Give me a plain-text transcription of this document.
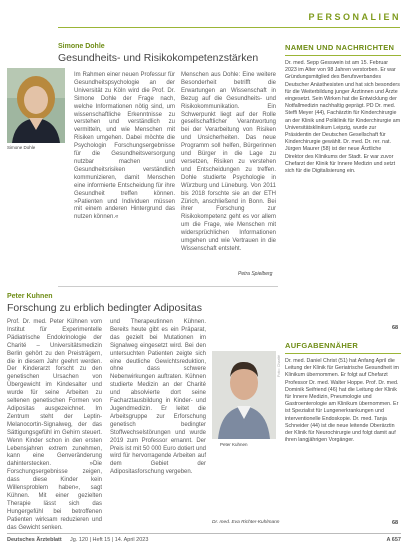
PERSONALIEN
Simone Dohle
Gesundheits- und Risikokompetenzstärken
Simone Dohle
Im Rahmen einer neuen Professur für Gesundheitspsychologie an der Universität zu Köln wird die Prof. Dr. Simone Dohle der Frage nach, welche Informationen nötig sind, um wissenschaftliche Erkenntnisse zu verstehen und verständlich zu vermitteln, und wie Menschen mit Risiken umgehen. Dabei möchte die Psychologin Forschungsergebnisse für die Gesundheitsversorgung nutzbar machen und Gesundheitsrisiken verständlich kommunizieren, damit Menschen eine informierte Entscheidung für ihre Gesundheit treffen können. »Patienten und Individuen müssen mit einem anderen Hintergrund das nutzen können.«
Menschen aus Dohle: Eine weitere Besonderheit betrifft die Erwartungen an Wissenschaft in Bezug auf die Gesundheits- und Risikokommunikation. Ein Schwerpunkt liegt auf der Rolle gesellschaftlicher Verantwortung bei der Verarbeitung von Risiken und Unsicherheiten. Das neue Programm soll helfen, Bürgerinnen und Bürger in die Lage zu versetzen, Risiken zu verstehen und Entscheidungen zu treffen. Dohle studierte Psychologie in Würzburg und Lüneburg. Von 2011 bis 2018 forschte sie an der ETH Zürich, anschließend in Bonn. Bei ihrer Forschung zur Risikokompetenz geht es vor allem um die Frage, wie Menschen mit widersprüchlichen Informationen umgehen und wie Vertrauen in die Wissenschaft entsteht.
Petra Spielberg
Peter Kuhnen
Forschung zu erblich bedingter Adipositas
Prof. Dr. med. Peter Kühnen vom Institut für Experimentelle Pädiatrische Endokrinologie der Charité – Universitätsmedizin Berlin gehört zu den Preisträgern, die in diesem Jahr geehrt werden. Der Kinderarzt forscht zu den genetischen Ursachen von Übergewicht im Kindesalter und wurde für seine Arbeiten zu seltenen genetischen Formen von Adipositas ausgezeichnet. Im Zentrum steht der Leptin-Melanocortin-Signalweg, der das Sättigungsgefühl im Gehirn steuert. Wenn Kinder schon in den ersten Lebensjahren extrem zunehmen, kann eine Genveränderung dahinterstecken. »Die Forschungsergebnisse zeigen, dass diese Kinder kein Willensproblem haben«, sagt Kühnen. Mit einer gezielten Therapie lässt sich das Hungergefühl bei betroffenen Patienten wirksam reduzieren und das Gewicht senken.
und Therapeutinnen Kühnen. Bereits heute gibt es ein Präparat, das gezielt bei Mutationen im Signalweg eingesetzt wird. Bei den untersuchten Patienten zeigte sich eine deutliche Gewichtsreduktion, ohne dass schwere Nebenwirkungen auftraten. Kühnen studierte Medizin an der Charité und absolvierte dort seine Facharztausbildung in Kinder- und Jugendmedizin. Er leitet die Arbeitsgruppe zur Erforschung genetisch bedingter Stoffwechselstörungen und wurde 2019 zum Professor ernannt. Der Preis ist mit 50 000 Euro dotiert und wird für hervorragende Arbeiten auf dem Gebiet der Adipositasforschung vergeben.
Foto: Charité
Peter Kuhnen
Dr. med. Eva Richter-Kuhlmann
NAMEN UND NACHRICHTEN
Dr. med. Sepp Gesswein ist am 15. Februar 2023 im Alter von 98 Jahren verstorben. Er war Gründungsmitglied des Berufsverbandes Deutscher Anästhesisten und hat sich besonders für die Weiterbildung junger Ärztinnen und Ärzte eingesetzt. Sein Wirken hat die Entwicklung der Notfallmedizin nachhaltig geprägt. PD Dr. med. Steffi Meyer (44), Fachärztin für Kinderchirurgie an der Klinik und Poliklinik für Kinderchirurgie am Universitätsklinikum Leipzig, wurde zur Präsidentin der Deutschen Gesellschaft für Kinderchirurgie gewählt. Dr. med. Dr. rer. nat. Jürgen Maurer (58) ist der neue Ärztliche Direktor des Klinikums der Stadt. Er war zuvor Chefarzt der Klinik für Innere Medizin und setzt sich für die Digitalisierung ein.
68
AUFGABENNÄHER
Dr. med. Daniel Christ (51) hat Anfang April die Leitung der Klinik für Geriatrische Gesundheit im Klinikum übernommen. Er folgt auf Chefarzt Professor Dr. med. Walter Hoppe. Prof. Dr. med. Dominik Seifriend (46) hat die Leitung der Klinik für Innere Medizin, Pneumologie und Gastroenterologie am Klinikum übernommen. Er ist Spezialist für Lungenerkrankungen und interventionelle Endoskopie. Dr. med. Tanja Schneider (44) ist die neue leitende Oberärztin der Klinik für Neurochirurgie und folgt damit auf ihren langjährigen Vorgänger.
68
Deutsches Ärzteblatt Jg. 120 | Heft 15 | 14. April 2023	A 657
